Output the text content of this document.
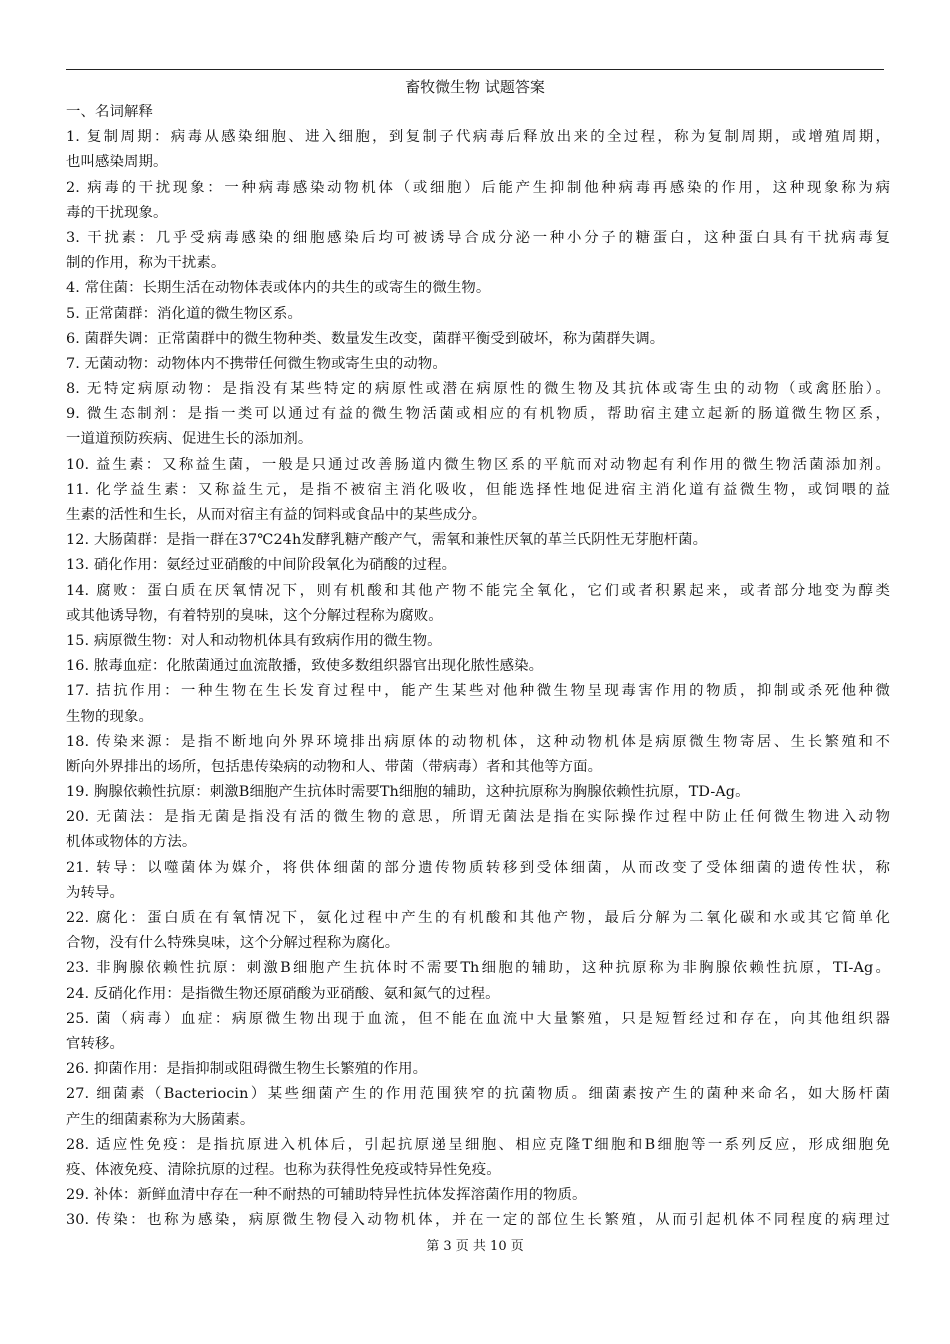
畜牧微生物 试题答案
一、名词解释
1. 复制周期：病毒从感染细胞、进入细胞，到复制子代病毒后释放出来的全过程，称为复制周期，或增殖周期，
也叫感染周期。
2. 病毒的干扰现象：一种病毒感染动物机体（或细胞）后能产生抑制他种病毒再感染的作用，这种现象称为病
毒的干扰现象。
3. 干扰素：几乎受病毒感染的细胞感染后均可被诱导合成分泌一种小分子的糖蛋白，这种蛋白具有干扰病毒复
制的作用，称为干扰素。
4. 常住菌：长期生活在动物体表或体内的共生的或寄生的微生物。
5. 正常菌群：消化道的微生物区系。
6. 菌群失调：正常菌群中的微生物种类、数量发生改变，菌群平衡受到破坏，称为菌群失调。
7. 无菌动物：动物体内不携带任何微生物或寄生虫的动物。
8. 无特定病原动物：是指没有某些特定的病原性或潜在病原性的微生物及其抗体或寄生虫的动物（或禽胚胎）。
9. 微生态制剂：是指一类可以通过有益的微生物活菌或相应的有机物质，帮助宿主建立起新的肠道微生物区系，
一道道预防疾病、促进生长的添加剂。
10. 益生素：又称益生菌，一般是只通过改善肠道内微生物区系的平航而对动物起有利作用的微生物活菌添加剂。
11. 化学益生素：又称益生元，是指不被宿主消化吸收，但能选择性地促进宿主消化道有益微生物，或饲喂的益
生素的活性和生长，从而对宿主有益的饲料或食品中的某些成分。
12. 大肠菌群：是指一群在37℃24h发酵乳糖产酸产气，需氧和兼性厌氧的革兰氏阴性无芽胞杆菌。
13. 硝化作用：氨经过亚硝酸的中间阶段氧化为硝酸的过程。
14. 腐败：蛋白质在厌氧情况下，则有机酸和其他产物不能完全氧化，它们或者积累起来，或者部分地变为醇类
或其他诱导物，有着特别的臭味，这个分解过程称为腐败。
15. 病原微生物：对人和动物机体具有致病作用的微生物。
16. 脓毒血症：化脓菌通过血流散播，致使多数组织器官出现化脓性感染。
17. 拮抗作用：一种生物在生长发育过程中，能产生某些对他种微生物呈现毒害作用的物质，抑制或杀死他种微
生物的现象。
18. 传染来源：是指不断地向外界环境排出病原体的动物机体，这种动物机体是病原微生物寄居、生长繁殖和不
断向外界排出的场所，包括患传染病的动物和人、带菌（带病毒）者和其他等方面。
19. 胸腺依赖性抗原：刺激B细胞产生抗体时需要Th细胞的辅助，这种抗原称为胸腺依赖性抗原，TD-Ag。
20. 无菌法：是指无菌是指没有活的微生物的意思，所谓无菌法是指在实际操作过程中防止任何微生物进入动物
机体或物体的方法。
21. 转导：以噬菌体为媒介，将供体细菌的部分遗传物质转移到受体细菌，从而改变了受体细菌的遗传性状，称
为转导。
22. 腐化：蛋白质在有氧情况下，氨化过程中产生的有机酸和其他产物，最后分解为二氧化碳和水或其它简单化
合物，没有什么特殊臭味，这个分解过程称为腐化。
23. 非胸腺依赖性抗原：刺激B细胞产生抗体时不需要Th细胞的辅助，这种抗原称为非胸腺依赖性抗原，TI-Ag。
24. 反硝化作用：是指微生物还原硝酸为亚硝酸、氨和氮气的过程。
25. 菌（病毒）血症：病原微生物出现于血流，但不能在血流中大量繁殖，只是短暂经过和存在，向其他组织器
官转移。
26. 抑菌作用：是指抑制或阻碍微生物生长繁殖的作用。
27. 细菌素（Bacteriocin）某些细菌产生的作用范围狭窄的抗菌物质。细菌素按产生的菌种来命名，如大肠杆菌
产生的细菌素称为大肠菌素。
28. 适应性免疫：是指抗原进入机体后，引起抗原递呈细胞、相应克隆T细胞和B细胞等一系列反应，形成细胞免
疫、体液免疫、清除抗原的过程。也称为获得性免疫或特异性免疫。
29. 补体：新鲜血清中存在一种不耐热的可辅助特异性抗体发挥溶菌作用的物质。
30. 传染：也称为感染，病原微生物侵入动物机体，并在一定的部位生长繁殖，从而引起机体不同程度的病理过
第 3 页 共 10 页
